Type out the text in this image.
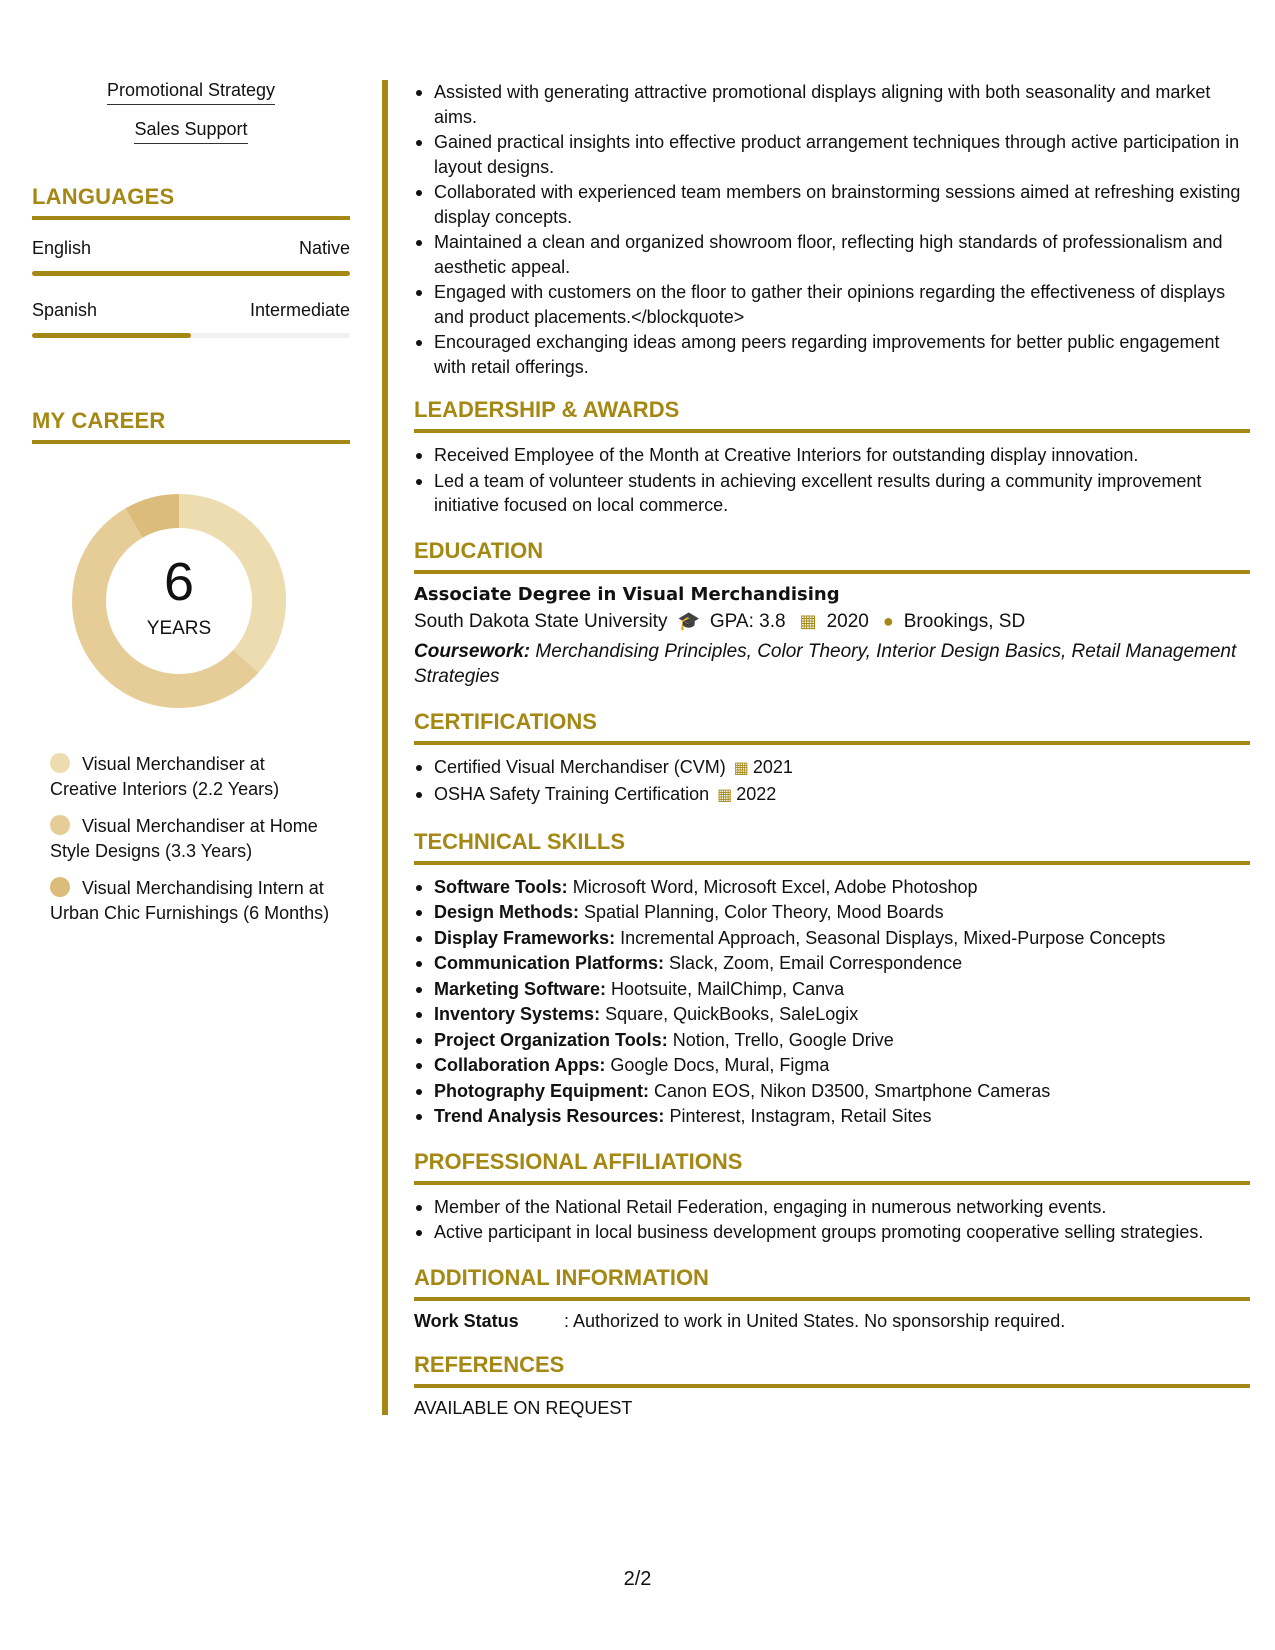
Promotional Strategy
Sales Support
LANGUAGES
English	Native
Spanish	Intermediate
MY CAREER
6
YEARS
Visual Merchandiser at Creative Interiors (2.2 Years)
Visual Merchandiser at Home Style Designs (3.3 Years)
Visual Merchandising Intern at Urban Chic Furnishings (6 Months)
Assisted with generating attractive promotional displays aligning with both seasonality and market aims.
Gained practical insights into effective product arrangement techniques through active participation in layout designs.
Collaborated with experienced team members on brainstorming sessions aimed at refreshing existing display concepts.
Maintained a clean and organized showroom floor, reflecting high standards of professionalism and aesthetic appeal.
Engaged with customers on the floor to gather their opinions regarding the effectiveness of displays and product placements.</blockquote>
Encouraged exchanging ideas among peers regarding improvements for better public engagement with retail offerings.
LEADERSHIP & AWARDS
Received Employee of the Month at Creative Interiors for outstanding display innovation.
Led a team of volunteer students in achieving excellent results during a community improvement initiative focused on local commerce.
EDUCATION
Associate Degree in Visual Merchandising
South Dakota State University 🎓 GPA: 3.8 ▦ 2020 ● Brookings, SD
Coursework: Merchandising Principles, Color Theory, Interior Design Basics, Retail Management Strategies
CERTIFICATIONS
Certified Visual Merchandiser (CVM) ▦ 2021
OSHA Safety Training Certification ▦ 2022
TECHNICAL SKILLS
Software Tools: Microsoft Word, Microsoft Excel, Adobe Photoshop
Design Methods: Spatial Planning, Color Theory, Mood Boards
Display Frameworks: Incremental Approach, Seasonal Displays, Mixed-Purpose Concepts
Communication Platforms: Slack, Zoom, Email Correspondence
Marketing Software: Hootsuite, MailChimp, Canva
Inventory Systems: Square, QuickBooks, SaleLogix
Project Organization Tools: Notion, Trello, Google Drive
Collaboration Apps: Google Docs, Mural, Figma
Photography Equipment: Canon EOS, Nikon D3500, Smartphone Cameras
Trend Analysis Resources: Pinterest, Instagram, Retail Sites
PROFESSIONAL AFFILIATIONS
Member of the National Retail Federation, engaging in numerous networking events.
Active participant in local business development groups promoting cooperative selling strategies.
ADDITIONAL INFORMATION
Work Status	: Authorized to work in United States. No sponsorship required.
REFERENCES
AVAILABLE ON REQUEST
2/2
